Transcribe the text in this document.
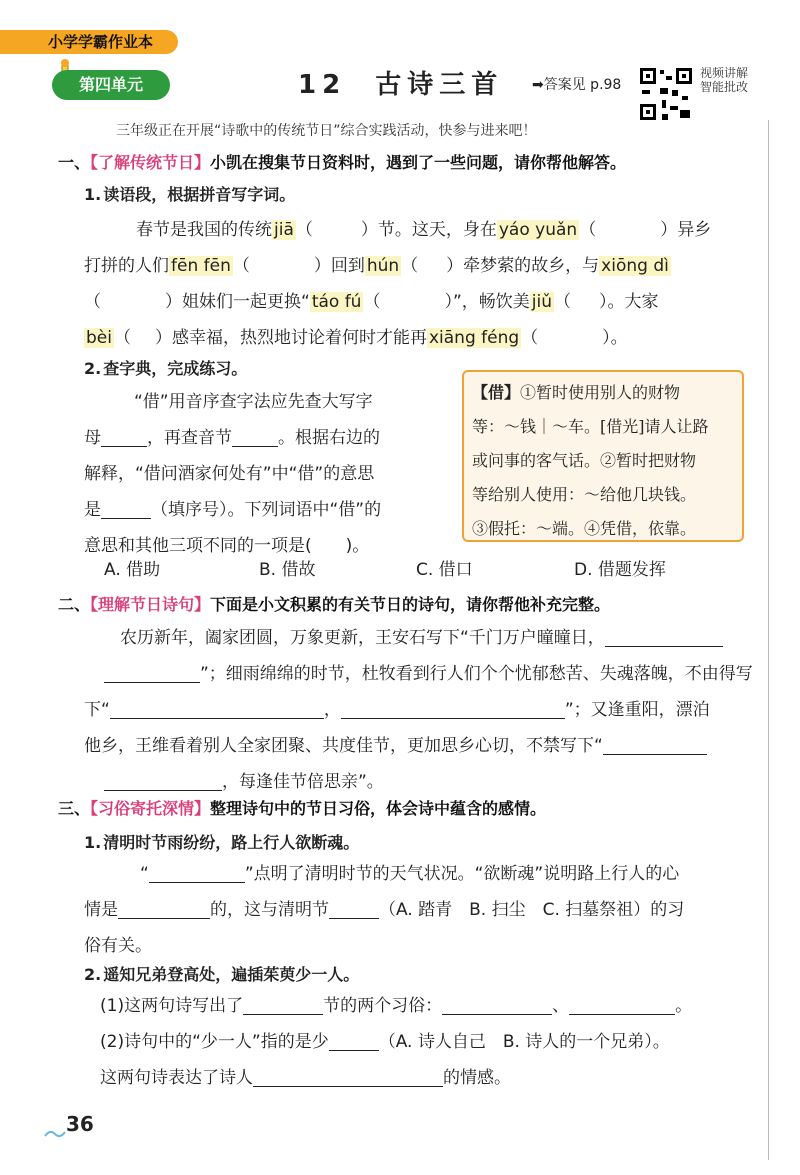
小学学霸作业本
第四单元	12 古诗三首 ➡答案见 p.98
视频讲解
智能批改
三年级正在开展“诗歌中的传统节日”综合实践活动，快参与进来吧！
一、【了解传统节日】小凯在搜集节日资料时，遇到了一些问题，请你帮他解答。
1. 读语段，根据拼音写字词。
春节是我国的传统 jiā （	）节。这天，身在 yáo yuǎn （	）异乡
打拼的人们 fēn fēn （	）回到 hún （ ）牵梦萦的故乡，与 xiōng dì
（	）姐妹们一起更换“ táo fú （	）”，畅饮美 jiǔ （ ）。大家
bèi （ ）感幸福，热烈地讨论着何时才能再 xiāng féng （	）。
2. 查字典，完成练习。
“借”用音序查字法应先查大写字
母	，再查音节	。根据右边的
解释，“借问酒家何处有”中“借”的意思
是	（填序号）。下列词语中“借”的
意思和其他三项不同的一项是(　　)。
【借】①暂时使用别人的财物
等：～钱｜～车。[借光]请人让路
或问事的客气话。②暂时把财物
等给别人使用：～给他几块钱。
③假托：～端。④凭借，依靠。
A. 借助	B. 借故	C. 借口	D. 借题发挥
二、【理解节日诗句】下面是小文积累的有关节日的诗句，请你帮他补充完整。
农历新年，阖家团圆，万象更新，王安石写下“千门万户曈曈日，
”；细雨绵绵的时节，杜牧看到行人们个个忧郁愁苦、失魂落魄，不由得写
下“	，	”；又逢重阳，漂泊
他乡，王维看着别人全家团聚、共度佳节，更加思乡心切，不禁写下“
，每逢佳节倍思亲”。
三、【习俗寄托深情】整理诗句中的节日习俗，体会诗中蕴含的感情。
1. 清明时节雨纷纷，路上行人欲断魂。
“	”点明了清明时节的天气状况。“欲断魂”说明路上行人的心
情是	的，这与清明节	（A. 踏青　B. 扫尘　C. 扫墓祭祖）的习
俗有关。
2. 遥知兄弟登高处，遍插茱萸少一人。
(1)这两句诗写出了	节的两个习俗：	、	。
(2)诗句中的“少一人”指的是少	（A. 诗人自己　B. 诗人的一个兄弟）。
这两句诗表达了诗人	的情感。
36
